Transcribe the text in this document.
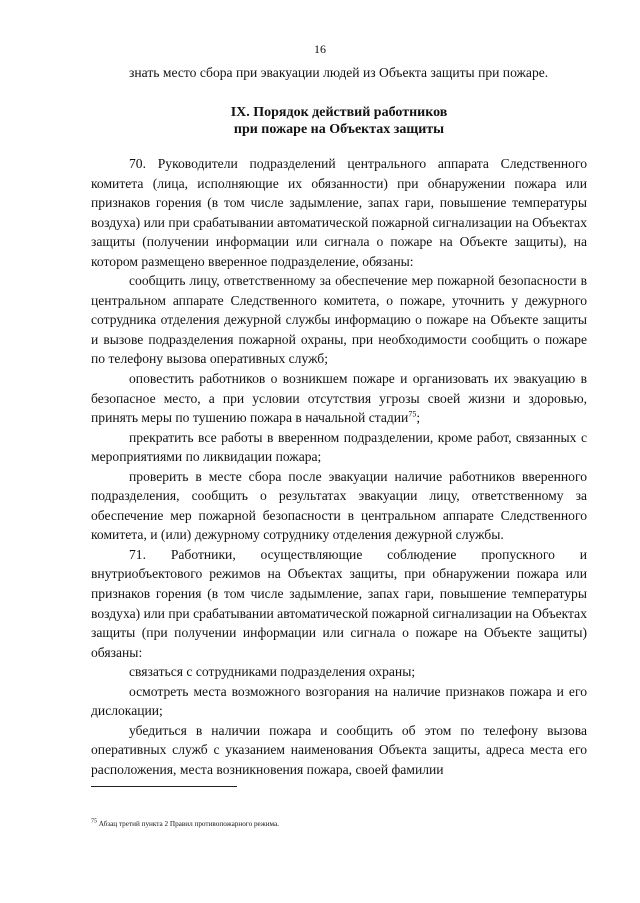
16

знать место сбора при эвакуации людей из Объекта защиты при пожаре.

IX. Порядок действий работников
при пожаре на Объектах защиты

70. Руководители подразделений центрального аппарата Следственного комитета (лица, исполняющие их обязанности) при обнаружении пожара или признаков горения (в том числе задымление, запах гари, повышение температуры воздуха) или при срабатывании автоматической пожарной сигнализации на Объектах защиты (получении информации или сигнала о пожаре на Объекте защиты), на котором размещено вверенное подразделение, обязаны:

сообщить лицу, ответственному за обеспечение мер пожарной безопасности в центральном аппарате Следственного комитета, о пожаре, уточнить у дежурного сотрудника отделения дежурной службы информацию о пожаре на Объекте защиты и вызове подразделения пожарной охраны, при необходимости сообщить о пожаре по телефону вызова оперативных служб;

оповестить работников о возникшем пожаре и организовать их эвакуацию в безопасное место, а при условии отсутствия угрозы своей жизни и здоровью, принять меры по тушению пожара в начальной стадии$^{75}$;

прекратить все работы в вверенном подразделении, кроме работ, связанных с мероприятиями по ликвидации пожара;

проверить в месте сбора после эвакуации наличие работников вверенного подразделения, сообщить о результатах эвакуации лицу, ответственному за обеспечение мер пожарной безопасности в центральном аппарате Следственного комитета, и (или) дежурному сотруднику отделения дежурной службы.

71. Работники, осуществляющие соблюдение пропускного и внутриобъектового режимов на Объектах защиты, при обнаружении пожара или признаков горения (в том числе задымление, запах гари, повышение температуры воздуха) или при срабатывании автоматической пожарной сигнализации на Объектах защиты (при получении информации или сигнала о пожаре на Объекте защиты) обязаны:

связаться с сотрудниками подразделения охраны;

осмотреть места возможного возгорания на наличие признаков пожара и его дислокации;

убедиться в наличии пожара и сообщить об этом по телефону вызова оперативных служб с указанием наименования Объекта защиты, адреса места его расположения, места возникновения пожара, своей фамилии

$^{75}$ Абзац третий пункта 2 Правил противопожарного режима.
